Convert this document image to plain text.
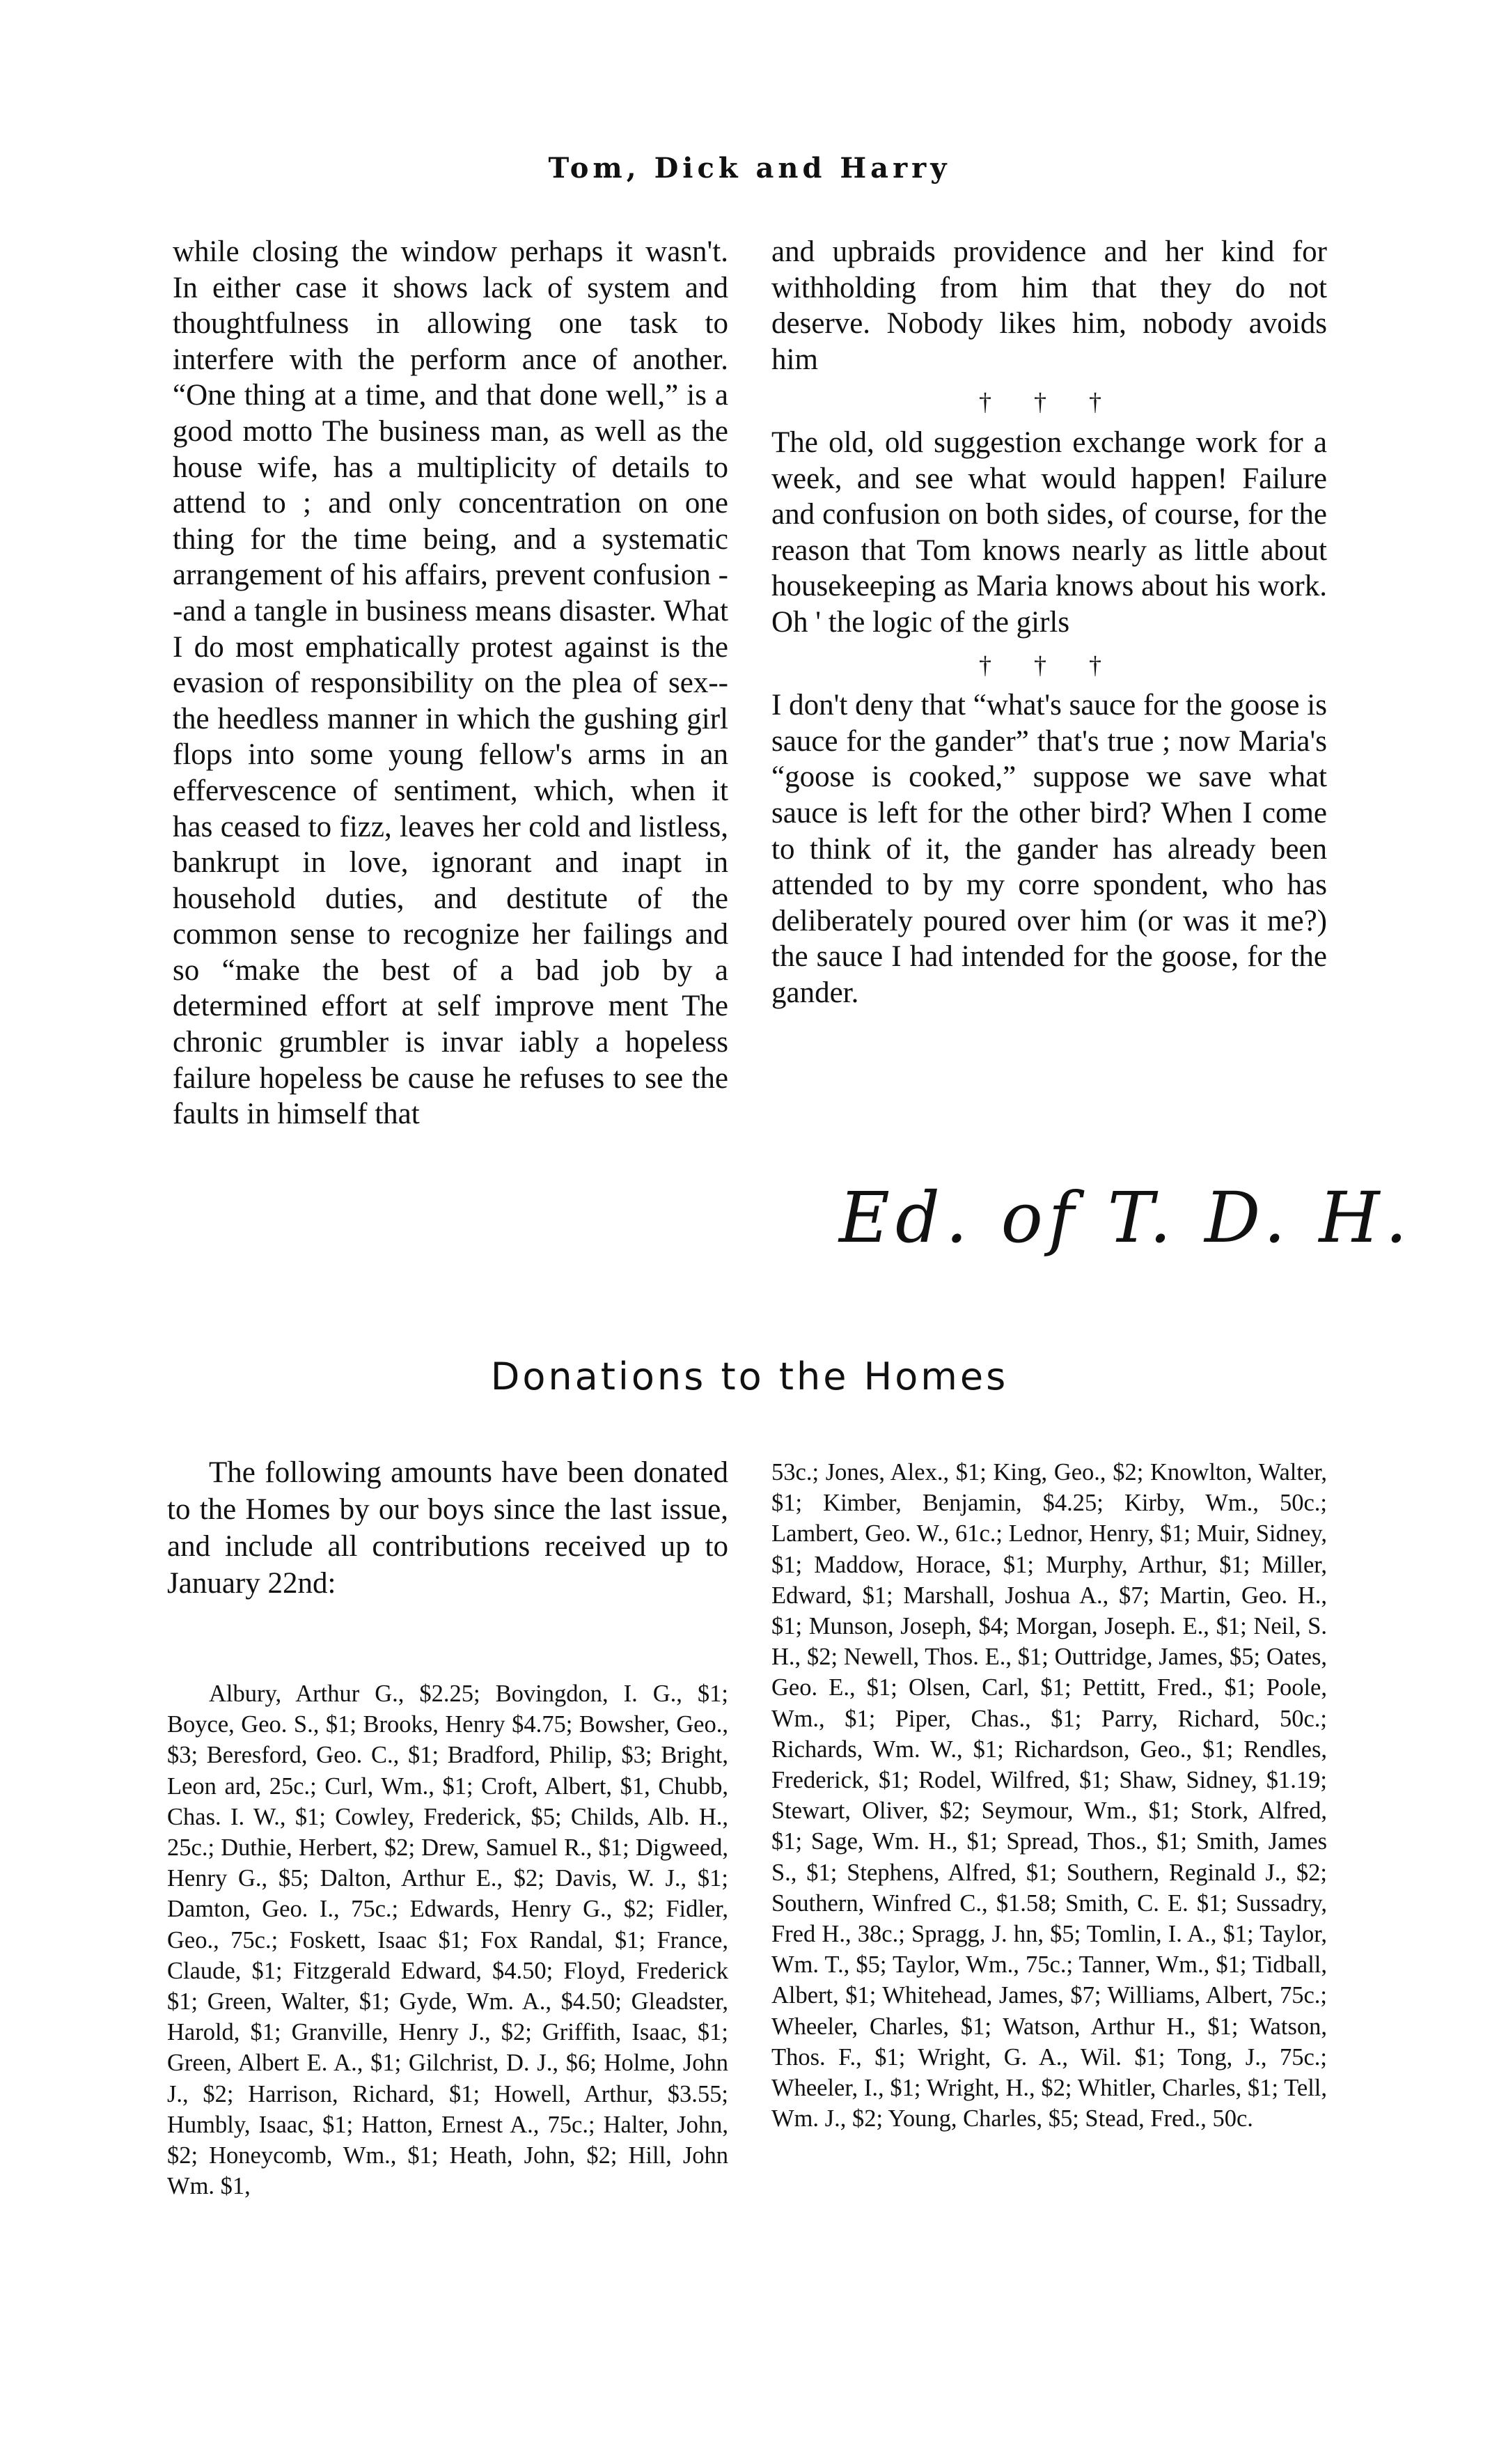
Tom, Dick and Harry

while closing the window perhaps it wasn't. In either case it shows lack of system and thoughtfulness in allowing one task to interfere with the perform ance of another. “One thing at a time, and that done well,” is a good motto The business man, as well as the house wife, has a multiplicity of details to attend to ; and only concentration on one thing for the time being, and a systematic arrangement of his affairs, prevent confusion --and a tangle in business means disaster. What I do most emphatically protest against is the evasion of responsibility on the plea of sex--the heedless manner in which the gushing girl flops into some young fellow's arms in an effervescence of sentiment, which, when it has ceased to fizz, leaves her cold and listless, bankrupt in love, ignorant and inapt in household duties, and destitute of the common sense to recognize her failings and so “make the best of a bad job by a determined effort at self improve ment The chronic grumbler is invar iably a hopeless failure hopeless be cause he refuses to see the faults in himself that

and upbraids providence and her kind for withholding from him that they do not deserve. Nobody likes him, nobody avoids him

† † †

The old, old suggestion exchange work for a week, and see what would happen! Failure and confusion on both sides, of course, for the reason that Tom knows nearly as little about housekeeping as Maria knows about his work. Oh ' the logic of the girls

† † †

I don't deny that “what's sauce for the goose is sauce for the gander” that's true ; now Maria's “goose is cooked,” suppose we save what sauce is left for the other bird? When I come to think of it, the gander has already been attended to by my corre spondent, who has deliberately poured over him (or was it me?) the sauce I had intended for the goose, for the gander.

Ed. of T. D. H.
Donations to the Homes

The following amounts have been donated to the Homes by our boys since the last issue, and include all contributions received up to January 22nd:

Albury, Arthur G., $2.25; Bovingdon, I. G., $1; Boyce, Geo. S., $1; Brooks, Henry $4.75; Bowsher, Geo., $3; Beresford, Geo. C., $1; Bradford, Philip, $3; Bright, Leon ard, 25c.; Curl, Wm., $1; Croft, Albert, $1, Chubb, Chas. I. W., $1; Cowley, Frederick, $5; Childs, Alb. H., 25c.; Duthie, Herbert, $2; Drew, Samuel R., $1; Digweed, Henry G., $5; Dalton, Arthur E., $2; Davis, W. J., $1; Damton, Geo. I., 75c.; Edwards, Henry G., $2; Fidler, Geo., 75c.; Foskett, Isaac $1; Fox Randal, $1; France, Claude, $1; Fitzgerald Edward, $4.50; Floyd, Frederick $1; Green, Walter, $1; Gyde, Wm. A., $4.50; Gleadster, Harold, $1; Granville, Henry J., $2; Griffith, Isaac, $1; Green, Albert E. A., $1; Gilchrist, D. J., $6; Holme, John J., $2; Harrison, Richard, $1; Howell, Arthur, $3.55; Humbly, Isaac, $1; Hatton, Ernest A., 75c.; Halter, John, $2; Honeycomb, Wm., $1; Heath, John, $2; Hill, John Wm. $1,

53c.; Jones, Alex., $1; King, Geo., $2; Knowlton, Walter, $1; Kimber, Benjamin, $4.25; Kirby, Wm., 50c.; Lambert, Geo. W., 61c.; Lednor, Henry, $1; Muir, Sidney, $1; Maddow, Horace, $1; Murphy, Arthur, $1; Miller, Edward, $1; Marshall, Joshua A., $7; Martin, Geo. H., $1; Munson, Joseph, $4; Morgan, Joseph. E., $1; Neil, S. H., $2; Newell, Thos. E., $1; Outtridge, James, $5; Oates, Geo. E., $1; Olsen, Carl, $1; Pettitt, Fred., $1; Poole, Wm., $1; Piper, Chas., $1; Parry, Richard, 50c.; Richards, Wm. W., $1; Richardson, Geo., $1; Rendles, Frederick, $1; Rodel, Wilfred, $1; Shaw, Sidney, $1.19; Stewart, Oliver, $2; Seymour, Wm., $1; Stork, Alfred, $1; Sage, Wm. H., $1; Spread, Thos., $1; Smith, James S., $1; Stephens, Alfred, $1; Southern, Reginald J., $2; Southern, Winfred C., $1.58; Smith, C. E. $1; Sussadry, Fred H., 38c.; Spragg, J. hn, $5; Tomlin, I. A., $1; Taylor, Wm. T., $5; Taylor, Wm., 75c.; Tanner, Wm., $1; Tidball, Albert, $1; Whitehead, James, $7; Williams, Albert, 75c.; Wheeler, Charles, $1; Watson, Arthur H., $1; Watson, Thos. F., $1; Wright, G. A., Wil. $1; Tong, J., 75c.; Wheeler, I., $1; Wright, H., $2; Whitler, Charles, $1; Tell, Wm. J., $2; Young, Charles, $5; Stead, Fred., 50c.
